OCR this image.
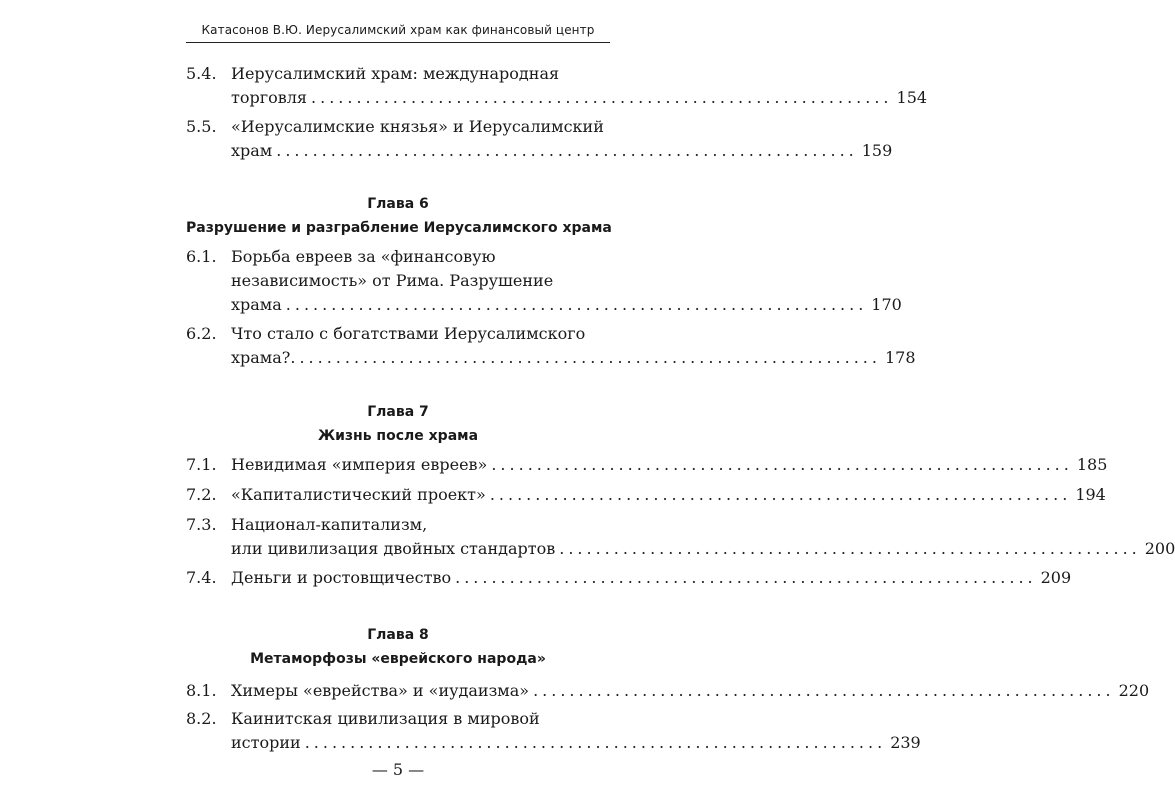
Катасонов В.Ю. Иерусалимский храм как финансовый центр
5.4. Иерусалимский храм: международная
торговля ................................................................ 154
5.5. «Иерусалимские князья» и Иерусалимский
храм ................................................................ 159
Глава 6
Разрушение и разграбление Иерусалимского храма
6.1. Борьба евреев за «финансовую
независимость» от Рима. Разрушение
храма ................................................................ 170
6.2. Что стало с богатствами Иерусалимского
храма?. ................................................................ 178
Глава 7
Жизнь после храма
7.1. Невидимая «империя евреев» ................................................................ 185
7.2. «Капиталистический проект» ................................................................ 194
7.3. Национал-капитализм,
или цивилизация двойных стандартов ................................................................ 200
7.4. Деньги и ростовщичество ................................................................ 209
Глава 8
Метаморфозы «еврейского народа»
8.1. Химеры «еврейства» и «иудаизма» ................................................................ 220
8.2. Каинитская цивилизация в мировой
истории ................................................................ 239
— 5 —
